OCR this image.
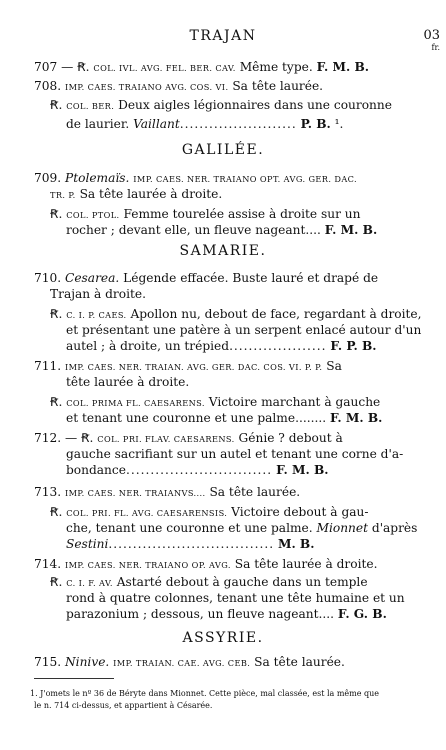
03
fr.
TRAJAN
707 — Ꞧ. COL. IVL. AVG. FEL. BER. CAV. Même type. F. M. B.
708. IMP. CAES. TRAIANO AVG. COS. VI. Sa tête laurée.
Ꞧ. COL. BER. Deux aigles légionnaires dans une couronne
de laurier. Vaillant........................ P. B. ¹.
GALILÉE.
709. Ptolemaïs. IMP. CAES. NER. TRAIANO OPT. AVG. GER. DAC.
TR. P. Sa tête laurée à droite.
Ꞧ. COL. PTOL. Femme tourelée assise à droite sur un
rocher ; devant elle, un fleuve nageant.... F. M. B.
SAMARIE.
710. Cesarea. Légende effacée. Buste lauré et drapé de
Trajan à droite.
Ꞧ. C. I. P. CAES. Apollon nu, debout de face, regardant à droite,
et présentant une patère à un serpent enlacé autour d'un
autel ; à droite, un trépied.................... F. P. B.
711. IMP. CAES. NER. TRAIAN. AVG. GER. DAC. COS. VI. P. P. Sa
tête laurée à droite.
Ꞧ. COL. PRIMA FL. CAESARENS. Victoire marchant à gauche
et tenant une couronne et une palme........ F. M. B.
712. — Ꞧ. COL. PRI. FLAV. CAESARENS. Génie ? debout à
gauche sacrifiant sur un autel et tenant une corne d'a-
bondance.............................. F. M. B.
713. IMP. CAES. NER. TRAIANVS.... Sa tête laurée.
Ꞧ. COL. PRI. FL. AVG. CAESARENSIS. Victoire debout à gau-
che, tenant une couronne et une palme. Mionnet d'après
Sestini.................................. M. B.
714. IMP. CAES. NER. TRAIANO OP. AVG. Sa tête laurée à droite.
Ꞧ. C. I. F. AV. Astarté debout à gauche dans un temple
rond à quatre colonnes, tenant une tête humaine et un
parazonium ; dessous, un fleuve nageant.... F. G. B.
ASSYRIE.
715. Ninive. IMP. TRAIAN. CAE. AVG. CEB. Sa tête laurée.
1. J'omets le nº 36 de Béryte dans Mionnet. Cette pièce, mal classée, est la même que
le n. 714 ci-dessus, et appartient à Césarée.
